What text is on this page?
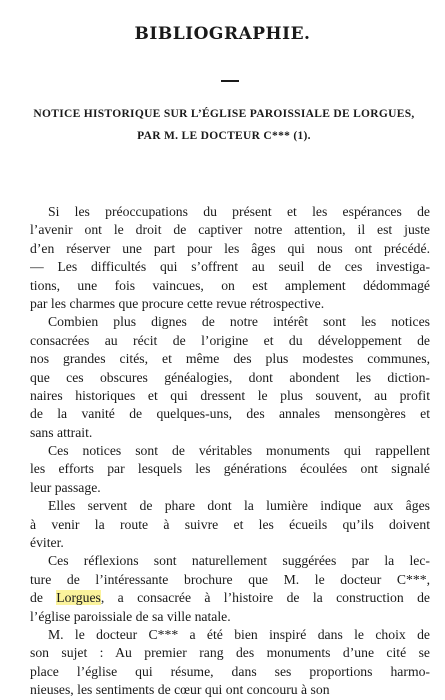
BIBLIOGRAPHIE.
NOTICE HISTORIQUE SUR L’ÉGLISE PAROISSIALE DE LORGUES,
PAR M. LE DOCTEUR C*** (1).
Si les préoccupations du présent et les espérances de
l’avenir ont le droit de captiver notre attention, il est juste
d’en réserver une part pour les âges qui nous ont précédé.
— Les difficultés qui s’offrent au seuil de ces investiga-
tions, une fois vaincues, on est amplement dédommagé
par les charmes que procure cette revue rétrospective.
Combien plus dignes de notre intérêt sont les notices
consacrées au récit de l’origine et du développement de
nos grandes cités, et même des plus modestes communes,
que ces obscures généalogies, dont abondent les diction-
naires historiques et qui dressent le plus souvent, au profit
de la vanité de quelques-uns, des annales mensongères et
sans attrait.
Ces notices sont de véritables monuments qui rappellent
les efforts par lesquels les générations écoulées ont signalé
leur passage.
Elles servent de phare dont la lumière indique aux âges
à venir la route à suivre et les écueils qu’ils doivent
éviter.
Ces réflexions sont naturellement suggérées par la lec-
ture de l’intéressante brochure que M. le docteur C***,
de Lorgues, a consacrée à l’histoire de la construction de
l’église paroissiale de sa ville natale.
M. le docteur C*** a été bien inspiré dans le choix de
son sujet : Au premier rang des monuments d’une cité se
place l’église qui résume, dans ses proportions harmo-
nieuses, les sentiments de cœur qui ont concouru à son
